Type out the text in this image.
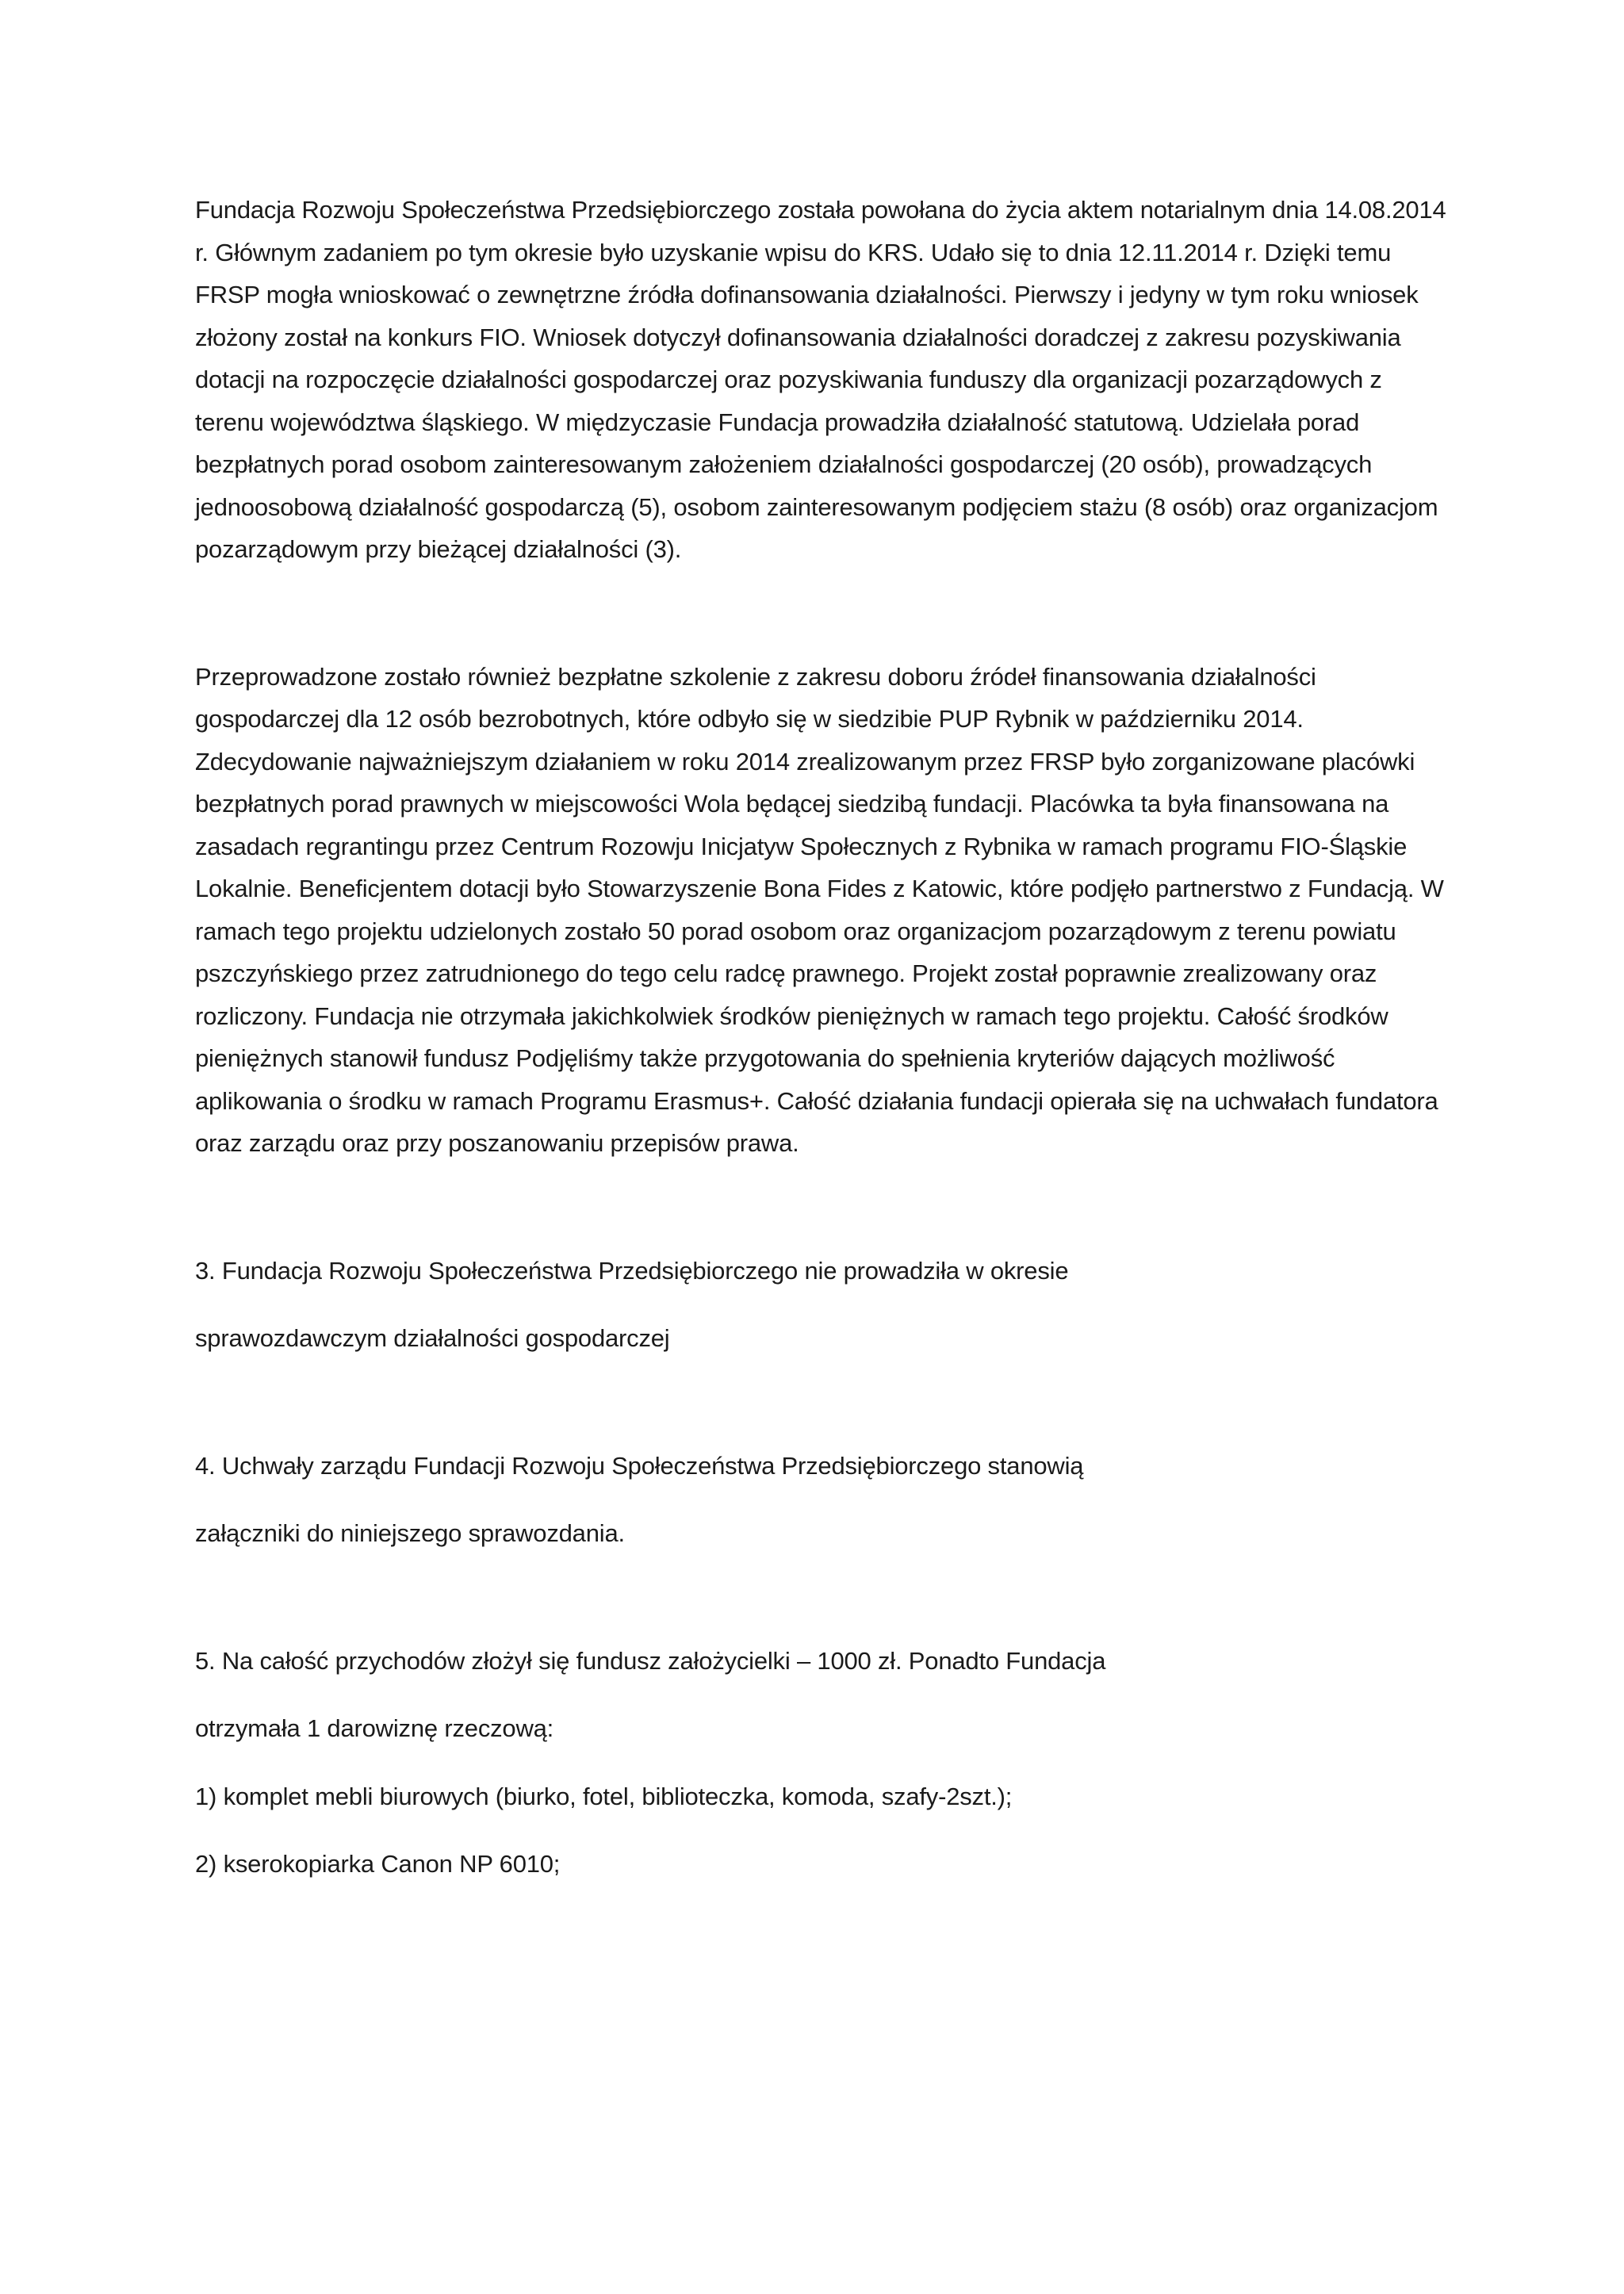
Fundacja Rozwoju Społeczeństwa Przedsiębiorczego została powołana do życia aktem notarialnym dnia 14.08.2014 r. Głównym zadaniem po tym okresie było uzyskanie wpisu do KRS. Udało się to dnia 12.11.2014 r. Dzięki temu FRSP mogła wnioskować o zewnętrzne źródła dofinansowania działalności. Pierwszy i jedyny w tym roku wniosek złożony został na konkurs FIO. Wniosek dotyczył dofinansowania działalności doradczej z zakresu pozyskiwania dotacji na rozpoczęcie działalności gospodarczej oraz pozyskiwania funduszy dla organizacji pozarządowych z terenu województwa śląskiego. W międzyczasie Fundacja prowadziła działalność statutową. Udzielała porad bezpłatnych porad osobom zainteresowanym założeniem działalności gospodarczej (20 osób), prowadzących jednoosobową działalność gospodarczą (5), osobom zainteresowanym podjęciem stażu (8 osób) oraz organizacjom pozarządowym przy bieżącej działalności (3).

Przeprowadzone zostało również bezpłatne szkolenie z zakresu doboru źródeł finansowania działalności gospodarczej dla 12 osób bezrobotnych, które odbyło się w siedzibie PUP Rybnik w październiku 2014. Zdecydowanie najważniejszym działaniem w roku 2014 zrealizowanym przez FRSP było zorganizowane placówki bezpłatnych porad prawnych w miejscowości Wola będącej siedzibą fundacji. Placówka ta była finansowana na zasadach regrantingu przez Centrum Rozowju Inicjatyw Społecznych z Rybnika w ramach programu FIO-Śląskie Lokalnie. Beneficjentem dotacji było Stowarzyszenie Bona Fides z Katowic, które podjęło partnerstwo z Fundacją. W ramach tego projektu udzielonych zostało 50 porad osobom oraz organizacjom pozarządowym z terenu powiatu pszczyńskiego przez zatrudnionego do tego celu radcę prawnego. Projekt został poprawnie zrealizowany oraz rozliczony. Fundacja nie otrzymała jakichkolwiek środków pieniężnych w ramach tego projektu. Całość środków pieniężnych stanowił fundusz Podjęliśmy także przygotowania do spełnienia kryteriów dających możliwość aplikowania o środku w ramach Programu Erasmus+. Całość działania fundacji opierała się na uchwałach fundatora oraz zarządu oraz przy poszanowaniu przepisów prawa.

3. Fundacja Rozwoju Społeczeństwa Przedsiębiorczego nie prowadziła w okresie

sprawozdawczym działalności gospodarczej

4. Uchwały zarządu Fundacji Rozwoju Społeczeństwa Przedsiębiorczego stanowią

załączniki do niniejszego sprawozdania.

5. Na całość przychodów złożył się fundusz założycielki – 1000 zł. Ponadto Fundacja

otrzymała 1 darowiznę rzeczową:

1) komplet mebli biurowych (biurko, fotel, biblioteczka, komoda, szafy-2szt.);

2) kserokopiarka Canon NP 6010;
